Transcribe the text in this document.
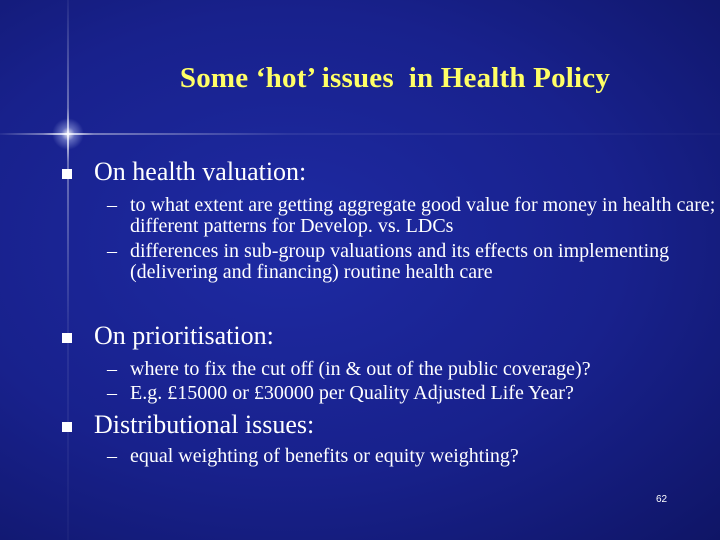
Some ‘hot’ issues  in Health Policy
On health valuation:
– to what extent are getting aggregate good value for money in health care; different patterns for Develop. vs. LDCs
– differences in sub-group valuations and its effects on implementing (delivering and financing) routine health care
On prioritisation:
– where to fix the cut off (in & out of the public coverage)?
– E.g. £15000 or £30000 per Quality Adjusted Life Year?
Distributional issues:
– equal weighting of benefits or equity weighting?
62
